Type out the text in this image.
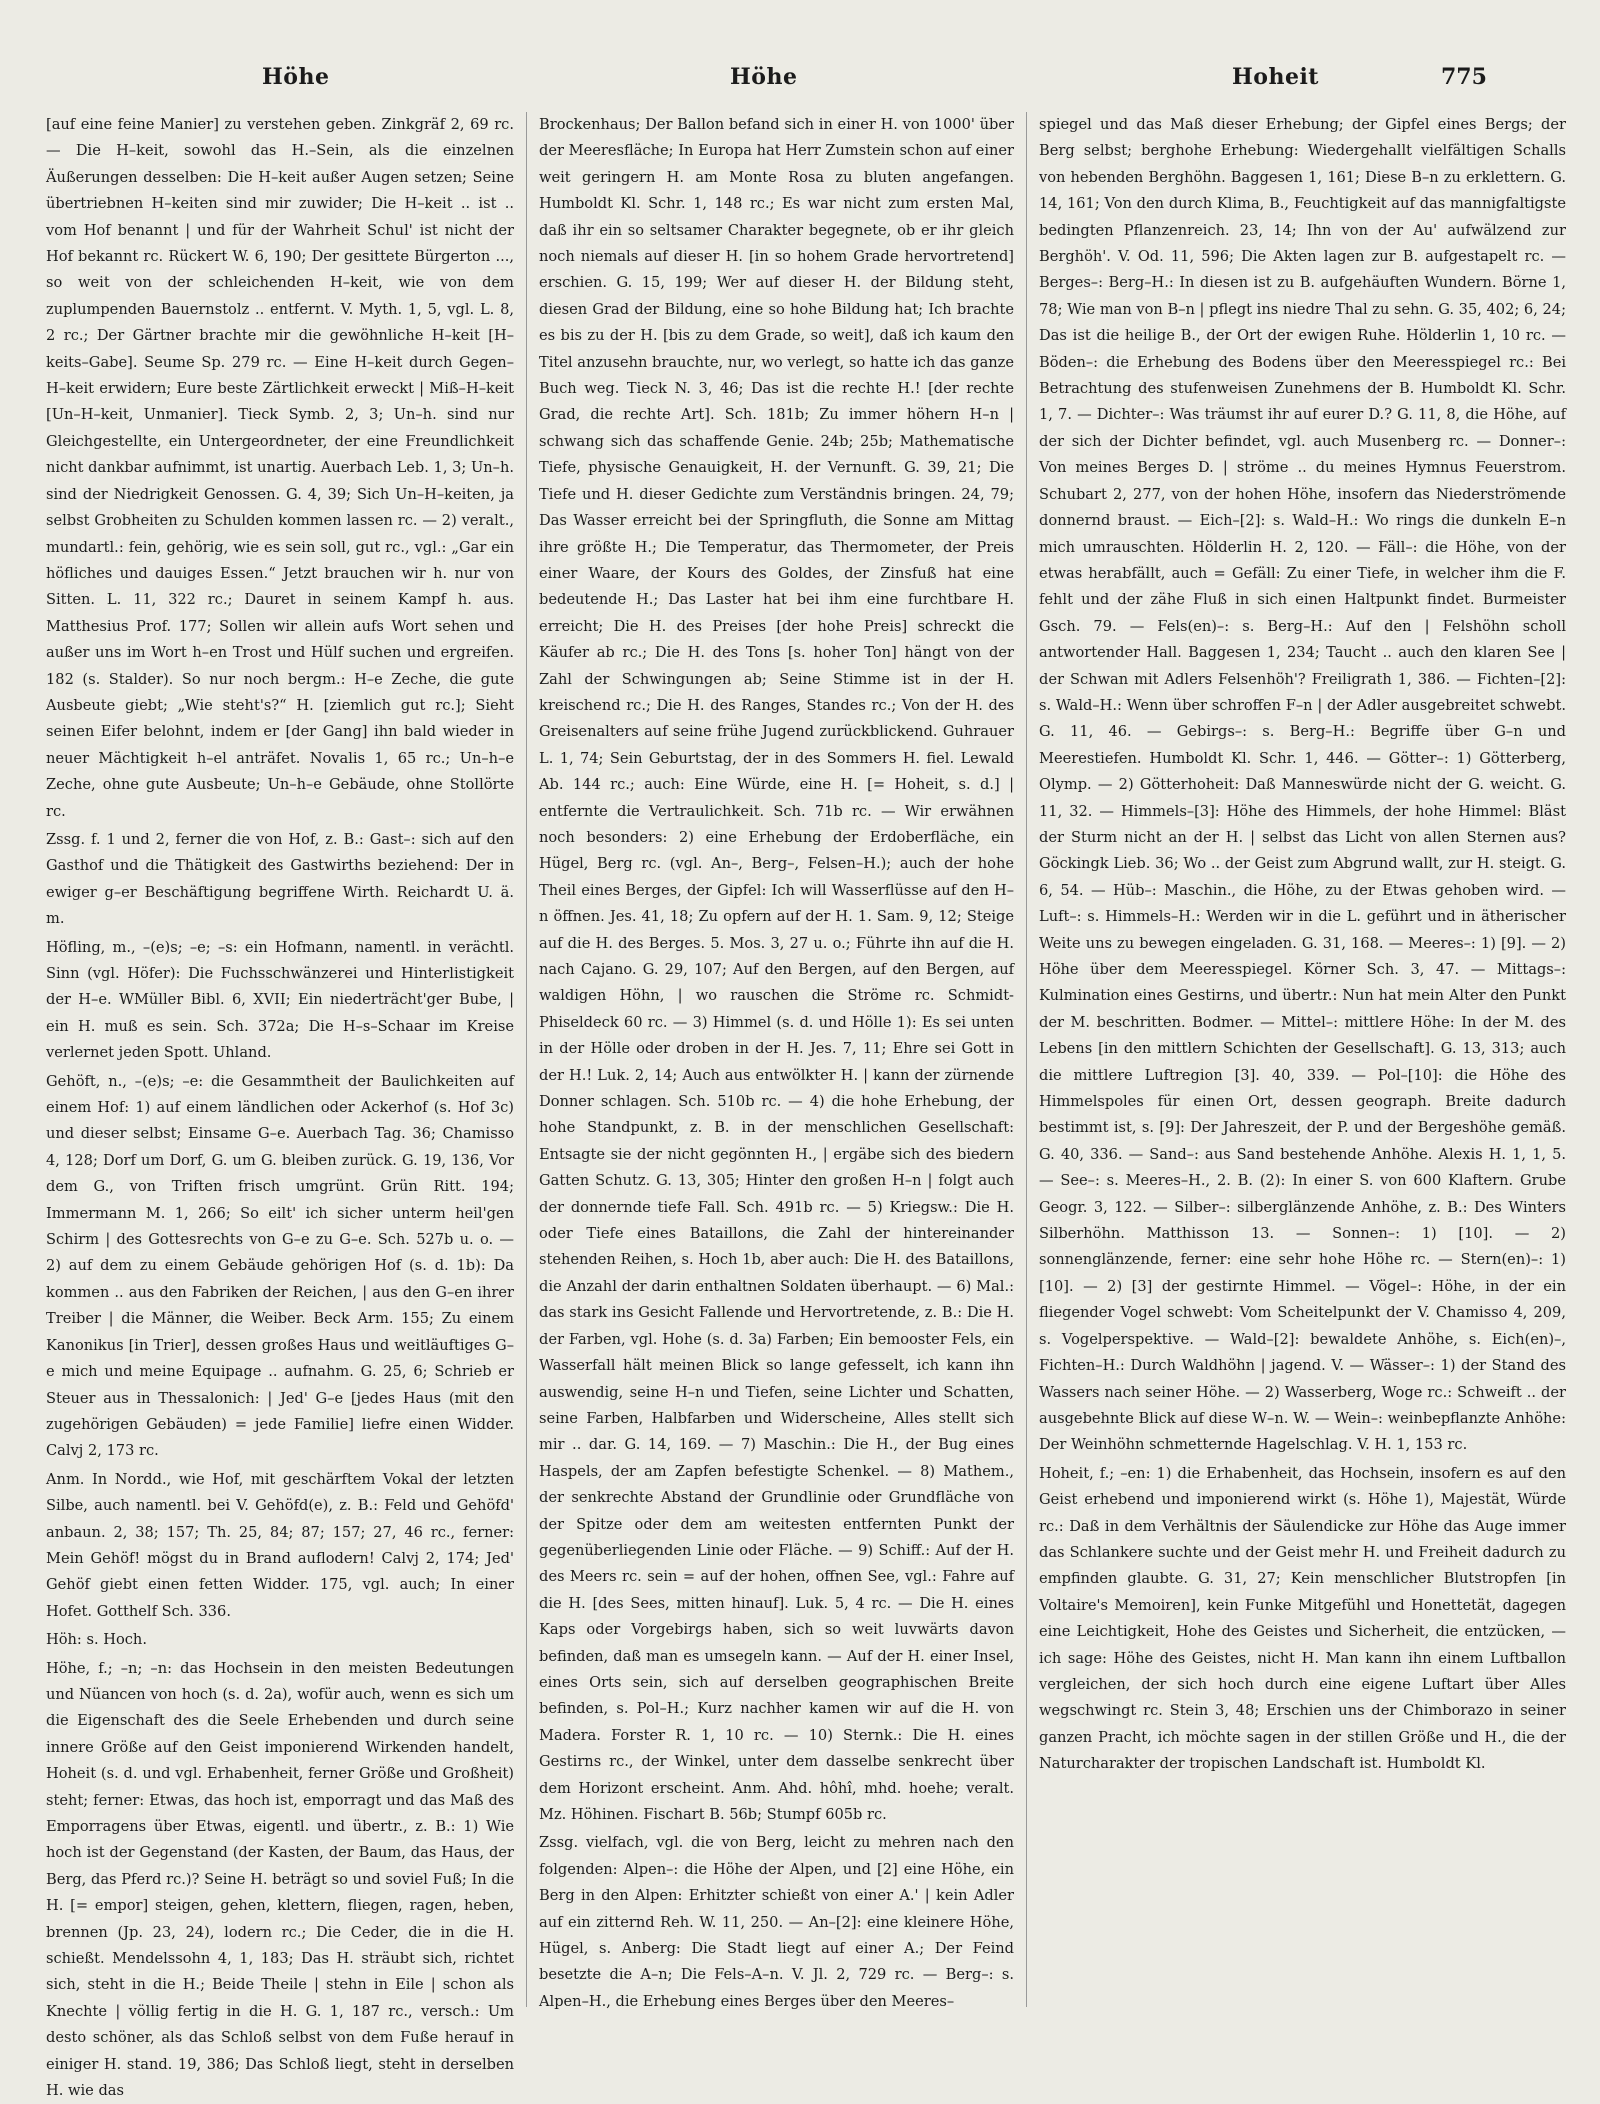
Höhe	Höhe	Hoheit	775

[auf eine feine Manier] zu verstehen geben. Zinkgräf 2, 69 rc. — Die H–keit, sowohl das H.–Sein, als die einzelnen Äußerungen desselben: Die H–keit außer Augen setzen; Seine übertriebnen H–keiten sind mir zuwider; Die H–keit .. ist .. vom Hof benannt | und für der Wahrheit Schul' ist nicht der Hof bekannt rc. Rückert W. 6, 190; Der gesittete Bürgerton ..., so weit von der schleichenden H–keit, wie von dem zuplumpenden Bauernstolz .. entfernt. V. Myth. 1, 5, vgl. L. 8, 2 rc.; Der Gärtner brachte mir die gewöhnliche H–keit [H–keits–Gabe]. Seume Sp. 279 rc. — Eine H–keit durch Gegen–H–keit erwidern; Eure beste Zärtlichkeit erweckt | Miß–H–keit [Un–H–keit, Unmanier]. Tieck Symb. 2, 3; Un–h. sind nur Gleichgestellte, ein Untergeordneter, der eine Freundlichkeit nicht dankbar aufnimmt, ist unartig. Auerbach Leb. 1, 3; Un–h. sind der Niedrigkeit Genossen. G. 4, 39; Sich Un–H–keiten, ja selbst Grobheiten zu Schulden kommen lassen rc. — 2) veralt., mundartl.: fein, gehörig, wie es sein soll, gut rc., vgl.: „Gar ein höfliches und dauiges Essen.“ Jetzt brauchen wir h. nur von Sitten. L. 11, 322 rc.; Dauret in seinem Kampf h. aus. Matthesius Prof. 177; Sollen wir allein aufs Wort sehen und außer uns im Wort h–en Trost und Hülf suchen und ergreifen. 182 (s. Stalder). So nur noch bergm.: H–e Zeche, die gute Ausbeute giebt; „Wie steht's?“ H. [ziemlich gut rc.]; Sieht seinen Eifer belohnt, indem er [der Gang] ihn bald wieder in neuer Mächtigkeit h–el anträfet. Novalis 1, 65 rc.; Un–h–e Zeche, ohne gute Ausbeute; Un–h–e Gebäude, ohne Stollörte rc.

Zssg. f. 1 und 2, ferner die von Hof, z. B.: Gast–: sich auf den Gasthof und die Thätigkeit des Gastwirths beziehend: Der in ewiger g–er Beschäftigung begriffene Wirth. Reichardt U. ä. m.

Höfling, m., –(e)s; –e; –s: ein Hofmann, namentl. in verächtl. Sinn (vgl. Höfer): Die Fuchsschwänzerei und Hinterlistigkeit der H–e. WMüller Bibl. 6, XVII; Ein niederträcht'ger Bube, | ein H. muß es sein. Sch. 372a; Die H–s–Schaar im Kreise verlernet jeden Spott. Uhland.

Gehöft, n., –(e)s; –e: die Gesammtheit der Baulichkeiten auf einem Hof: 1) auf einem ländlichen oder Ackerhof (s. Hof 3c) und dieser selbst; Einsame G–e. Auerbach Tag. 36; Chamisso 4, 128; Dorf um Dorf, G. um G. bleiben zurück. G. 19, 136, Vor dem G., von Triften frisch umgrünt. Grün Ritt. 194; Immermann M. 1, 266; So eilt' ich sicher unterm heil'gen Schirm | des Gottesrechts von G–e zu G–e. Sch. 527b u. o. — 2) auf dem zu einem Gebäude gehörigen Hof (s. d. 1b): Da kommen .. aus den Fabriken der Reichen, | aus den G–en ihrer Treiber | die Männer, die Weiber. Beck Arm. 155; Zu einem Kanonikus [in Trier], dessen großes Haus und weitläuftiges G–e mich und meine Equipage .. aufnahm. G. 25, 6; Schrieb er Steuer aus in Thessalonich: | Jed' G–e [jedes Haus (mit den zugehörigen Gebäuden) = jede Familie] liefre einen Widder. Calvj 2, 173 rc.

Anm. In Nordd., wie Hof, mit geschärftem Vokal der letzten Silbe, auch namentl. bei V. Gehöfd(e), z. B.: Feld und Gehöfd' anbaun. 2, 38; 157; Th. 25, 84; 87; 157; 27, 46 rc., ferner: Mein Gehöf! mögst du in Brand auflodern! Calvj 2, 174; Jed' Gehöf giebt einen fetten Widder. 175, vgl. auch; In einer Hofet. Gotthelf Sch. 336.

Höh: s. Hoch.

Höhe, f.; –n; –n: das Hochsein in den meisten Bedeutungen und Nüancen von hoch (s. d. 2a), wofür auch, wenn es sich um die Eigenschaft des die Seele Erhebenden und durch seine innere Größe auf den Geist imponierend Wirkenden handelt, Hoheit (s. d. und vgl. Erhabenheit, ferner Größe und Großheit) steht; ferner: Etwas, das hoch ist, emporragt und das Maß des Emporragens über Etwas, eigentl. und übertr., z. B.: 1) Wie hoch ist der Gegenstand (der Kasten, der Baum, das Haus, der Berg, das Pferd rc.)? Seine H. beträgt so und soviel Fuß; In die H. [= empor] steigen, gehen, klettern, fliegen, ragen, heben, brennen (Jp. 23, 24), lodern rc.; Die Ceder, die in die H. schießt. Mendelssohn 4, 1, 183; Das H. sträubt sich, richtet sich, steht in die H.; Beide Theile | stehn in Eile | schon als Knechte | völlig fertig in die H. G. 1, 187 rc., versch.: Um desto schöner, als das Schloß selbst von dem Fuße herauf in einiger H. stand. 19, 386; Das Schloß liegt, steht in derselben H. wie das

Brockenhaus; Der Ballon befand sich in einer H. von 1000' über der Meeresfläche; In Europa hat Herr Zumstein schon auf einer weit geringern H. am Monte Rosa zu bluten angefangen. Humboldt Kl. Schr. 1, 148 rc.; Es war nicht zum ersten Mal, daß ihr ein so seltsamer Charakter begegnete, ob er ihr gleich noch niemals auf dieser H. [in so hohem Grade hervortretend] erschien. G. 15, 199; Wer auf dieser H. der Bildung steht, diesen Grad der Bildung, eine so hohe Bildung hat; Ich brachte es bis zu der H. [bis zu dem Grade, so weit], daß ich kaum den Titel anzusehn brauchte, nur, wo verlegt, so hatte ich das ganze Buch weg. Tieck N. 3, 46; Das ist die rechte H.! [der rechte Grad, die rechte Art]. Sch. 181b; Zu immer höhern H–n | schwang sich das schaffende Genie. 24b; 25b; Mathematische Tiefe, physische Genauigkeit, H. der Vernunft. G. 39, 21; Die Tiefe und H. dieser Gedichte zum Verständnis bringen. 24, 79; Das Wasser erreicht bei der Springfluth, die Sonne am Mittag ihre größte H.; Die Temperatur, das Thermometer, der Preis einer Waare, der Kours des Goldes, der Zinsfuß hat eine bedeutende H.; Das Laster hat bei ihm eine furchtbare H. erreicht; Die H. des Preises [der hohe Preis] schreckt die Käufer ab rc.; Die H. des Tons [s. hoher Ton] hängt von der Zahl der Schwingungen ab; Seine Stimme ist in der H. kreischend rc.; Die H. des Ranges, Standes rc.; Von der H. des Greisenalters auf seine frühe Jugend zurückblickend. Guhrauer L. 1, 74; Sein Geburtstag, der in des Sommers H. fiel. Lewald Ab. 144 rc.; auch: Eine Würde, eine H. [= Hoheit, s. d.] | entfernte die Vertraulichkeit. Sch. 71b rc. — Wir erwähnen noch besonders: 2) eine Erhebung der Erdoberfläche, ein Hügel, Berg rc. (vgl. An–, Berg–, Felsen–H.); auch der hohe Theil eines Berges, der Gipfel: Ich will Wasserflüsse auf den H–n öffnen. Jes. 41, 18; Zu opfern auf der H. 1. Sam. 9, 12; Steige auf die H. des Berges. 5. Mos. 3, 27 u. o.; Führte ihn auf die H. nach Cajano. G. 29, 107; Auf den Bergen, auf den Bergen, auf waldigen Höhn, | wo rauschen die Ströme rc. Schmidt-Phiseldeck 60 rc. — 3) Himmel (s. d. und Hölle 1): Es sei unten in der Hölle oder droben in der H. Jes. 7, 11; Ehre sei Gott in der H.! Luk. 2, 14; Auch aus entwölkter H. | kann der zürnende Donner schlagen. Sch. 510b rc. — 4) die hohe Erhebung, der hohe Standpunkt, z. B. in der menschlichen Gesellschaft: Entsagte sie der nicht gegönnten H., | ergäbe sich des biedern Gatten Schutz. G. 13, 305; Hinter den großen H–n | folgt auch der donnernde tiefe Fall. Sch. 491b rc. — 5) Kriegsw.: Die H. oder Tiefe eines Bataillons, die Zahl der hintereinander stehenden Reihen, s. Hoch 1b, aber auch: Die H. des Bataillons, die Anzahl der darin enthaltnen Soldaten überhaupt. — 6) Mal.: das stark ins Gesicht Fallende und Hervortretende, z. B.: Die H. der Farben, vgl. Hohe (s. d. 3a) Farben; Ein bemooster Fels, ein Wasserfall hält meinen Blick so lange gefesselt, ich kann ihn auswendig, seine H–n und Tiefen, seine Lichter und Schatten, seine Farben, Halbfarben und Widerscheine, Alles stellt sich mir .. dar. G. 14, 169. — 7) Maschin.: Die H., der Bug eines Haspels, der am Zapfen befestigte Schenkel. — 8) Mathem., der senkrechte Abstand der Grundlinie oder Grundfläche von der Spitze oder dem am weitesten entfernten Punkt der gegenüberliegenden Linie oder Fläche. — 9) Schiff.: Auf der H. des Meers rc. sein = auf der hohen, offnen See, vgl.: Fahre auf die H. [des Sees, mitten hinauf]. Luk. 5, 4 rc. — Die H. eines Kaps oder Vorgebirgs haben, sich so weit luvwärts davon befinden, daß man es umsegeln kann. — Auf der H. einer Insel, eines Orts sein, sich auf derselben geographischen Breite befinden, s. Pol–H.; Kurz nachher kamen wir auf die H. von Madera. Forster R. 1, 10 rc. — 10) Sternk.: Die H. eines Gestirns rc., der Winkel, unter dem dasselbe senkrecht über dem Horizont erscheint. Anm. Ahd. hôhî, mhd. hoehe; veralt. Mz. Höhinen. Fischart B. 56b; Stumpf 605b rc.

Zssg. vielfach, vgl. die von Berg, leicht zu mehren nach den folgenden: Alpen–: die Höhe der Alpen, und [2] eine Höhe, ein Berg in den Alpen: Erhitzter schießt von einer A.' | kein Adler auf ein zitternd Reh. W. 11, 250. — An–[2]: eine kleinere Höhe, Hügel, s. Anberg: Die Stadt liegt auf einer A.; Der Feind besetzte die A–n; Die Fels–A–n. V. Jl. 2, 729 rc. — Berg–: s. Alpen–H., die Erhebung eines Berges über den Meeres–

spiegel und das Maß dieser Erhebung; der Gipfel eines Bergs; der Berg selbst; berghohe Erhebung: Wiedergehallt vielfältigen Schalls von hebenden Berghöhn. Baggesen 1, 161; Diese B–n zu erklettern. G. 14, 161; Von den durch Klima, B., Feuchtigkeit auf das mannigfaltigste bedingten Pflanzenreich. 23, 14; Ihn von der Au' aufwälzend zur Berghöh'. V. Od. 11, 596; Die Akten lagen zur B. aufgestapelt rc. — Berges–: Berg–H.: In diesen ist zu B. aufgehäuften Wundern. Börne 1, 78; Wie man von B–n | pflegt ins niedre Thal zu sehn. G. 35, 402; 6, 24; Das ist die heilige B., der Ort der ewigen Ruhe. Hölderlin 1, 10 rc. — Böden–: die Erhebung des Bodens über den Meeresspiegel rc.: Bei Betrachtung des stufenweisen Zunehmens der B. Humboldt Kl. Schr. 1, 7. — Dichter–: Was träumst ihr auf eurer D.? G. 11, 8, die Höhe, auf der sich der Dichter befindet, vgl. auch Musenberg rc. — Donner–: Von meines Berges D. | ströme .. du meines Hymnus Feuerstrom. Schubart 2, 277, von der hohen Höhe, insofern das Niederströmende donnernd braust. — Eich–[2]: s. Wald–H.: Wo rings die dunkeln E–n mich umrauschten. Hölderlin H. 2, 120. — Fäll–: die Höhe, von der etwas herabfällt, auch = Gefäll: Zu einer Tiefe, in welcher ihm die F. fehlt und der zähe Fluß in sich einen Haltpunkt findet. Burmeister Gsch. 79. — Fels(en)–: s. Berg–H.: Auf den | Felshöhn scholl antwortender Hall. Baggesen 1, 234; Taucht .. auch den klaren See | der Schwan mit Adlers Felsenhöh'? Freiligrath 1, 386. — Fichten–[2]: s. Wald–H.: Wenn über schroffen F–n | der Adler ausgebreitet schwebt. G. 11, 46. — Gebirgs–: s. Berg–H.: Begriffe über G–n und Meerestiefen. Humboldt Kl. Schr. 1, 446. — Götter–: 1) Götterberg, Olymp. — 2) Götterhoheit: Daß Manneswürde nicht der G. weicht. G. 11, 32. — Himmels–[3]: Höhe des Himmels, der hohe Himmel: Bläst der Sturm nicht an der H. | selbst das Licht von allen Sternen aus? Göckingk Lieb. 36; Wo .. der Geist zum Abgrund wallt, zur H. steigt. G. 6, 54. — Hüb–: Maschin., die Höhe, zu der Etwas gehoben wird. — Luft–: s. Himmels–H.: Werden wir in die L. geführt und in ätherischer Weite uns zu bewegen eingeladen. G. 31, 168. — Meeres–: 1) [9]. — 2) Höhe über dem Meeresspiegel. Körner Sch. 3, 47. — Mittags–: Kulmination eines Gestirns, und übertr.: Nun hat mein Alter den Punkt der M. beschritten. Bodmer. — Mittel–: mittlere Höhe: In der M. des Lebens [in den mittlern Schichten der Gesellschaft]. G. 13, 313; auch die mittlere Luftregion [3]. 40, 339. — Pol–[10]: die Höhe des Himmelspoles für einen Ort, dessen geograph. Breite dadurch bestimmt ist, s. [9]: Der Jahreszeit, der P. und der Bergeshöhe gemäß. G. 40, 336. — Sand–: aus Sand bestehende Anhöhe. Alexis H. 1, 1, 5. — See–: s. Meeres–H., 2. B. (2): In einer S. von 600 Klaftern. Grube Geogr. 3, 122. — Silber–: silberglänzende Anhöhe, z. B.: Des Winters Silberhöhn. Matthisson 13. — Sonnen–: 1) [10]. — 2) sonnenglänzende, ferner: eine sehr hohe Höhe rc. — Stern(en)–: 1) [10]. — 2) [3] der gestirnte Himmel. — Vögel–: Höhe, in der ein fliegender Vogel schwebt: Vom Scheitelpunkt der V. Chamisso 4, 209, s. Vogelperspektive. — Wald–[2]: bewaldete Anhöhe, s. Eich(en)–, Fichten–H.: Durch Waldhöhn | jagend. V. — Wässer–: 1) der Stand des Wassers nach seiner Höhe. — 2) Wasserberg, Woge rc.: Schweift .. der ausgebehnte Blick auf diese W–n. W. — Wein–: weinbepflanzte Anhöhe: Der Weinhöhn schmetternde Hagelschlag. V. H. 1, 153 rc.

Hoheit, f.; –en: 1) die Erhabenheit, das Hochsein, insofern es auf den Geist erhebend und imponierend wirkt (s. Höhe 1), Majestät, Würde rc.: Daß in dem Verhältnis der Säulendicke zur Höhe das Auge immer das Schlankere suchte und der Geist mehr H. und Freiheit dadurch zu empfinden glaubte. G. 31, 27; Kein menschlicher Blutstropfen [in Voltaire's Memoiren], kein Funke Mitgefühl und Honettetät, dagegen eine Leichtigkeit, Hohe des Geistes und Sicherheit, die entzücken, — ich sage: Höhe des Geistes, nicht H. Man kann ihn einem Luftballon vergleichen, der sich hoch durch eine eigene Luftart über Alles wegschwingt rc. Stein 3, 48; Erschien uns der Chimborazo in seiner ganzen Pracht, ich möchte sagen in der stillen Größe und H., die der Naturcharakter der tropischen Landschaft ist. Humboldt Kl.
